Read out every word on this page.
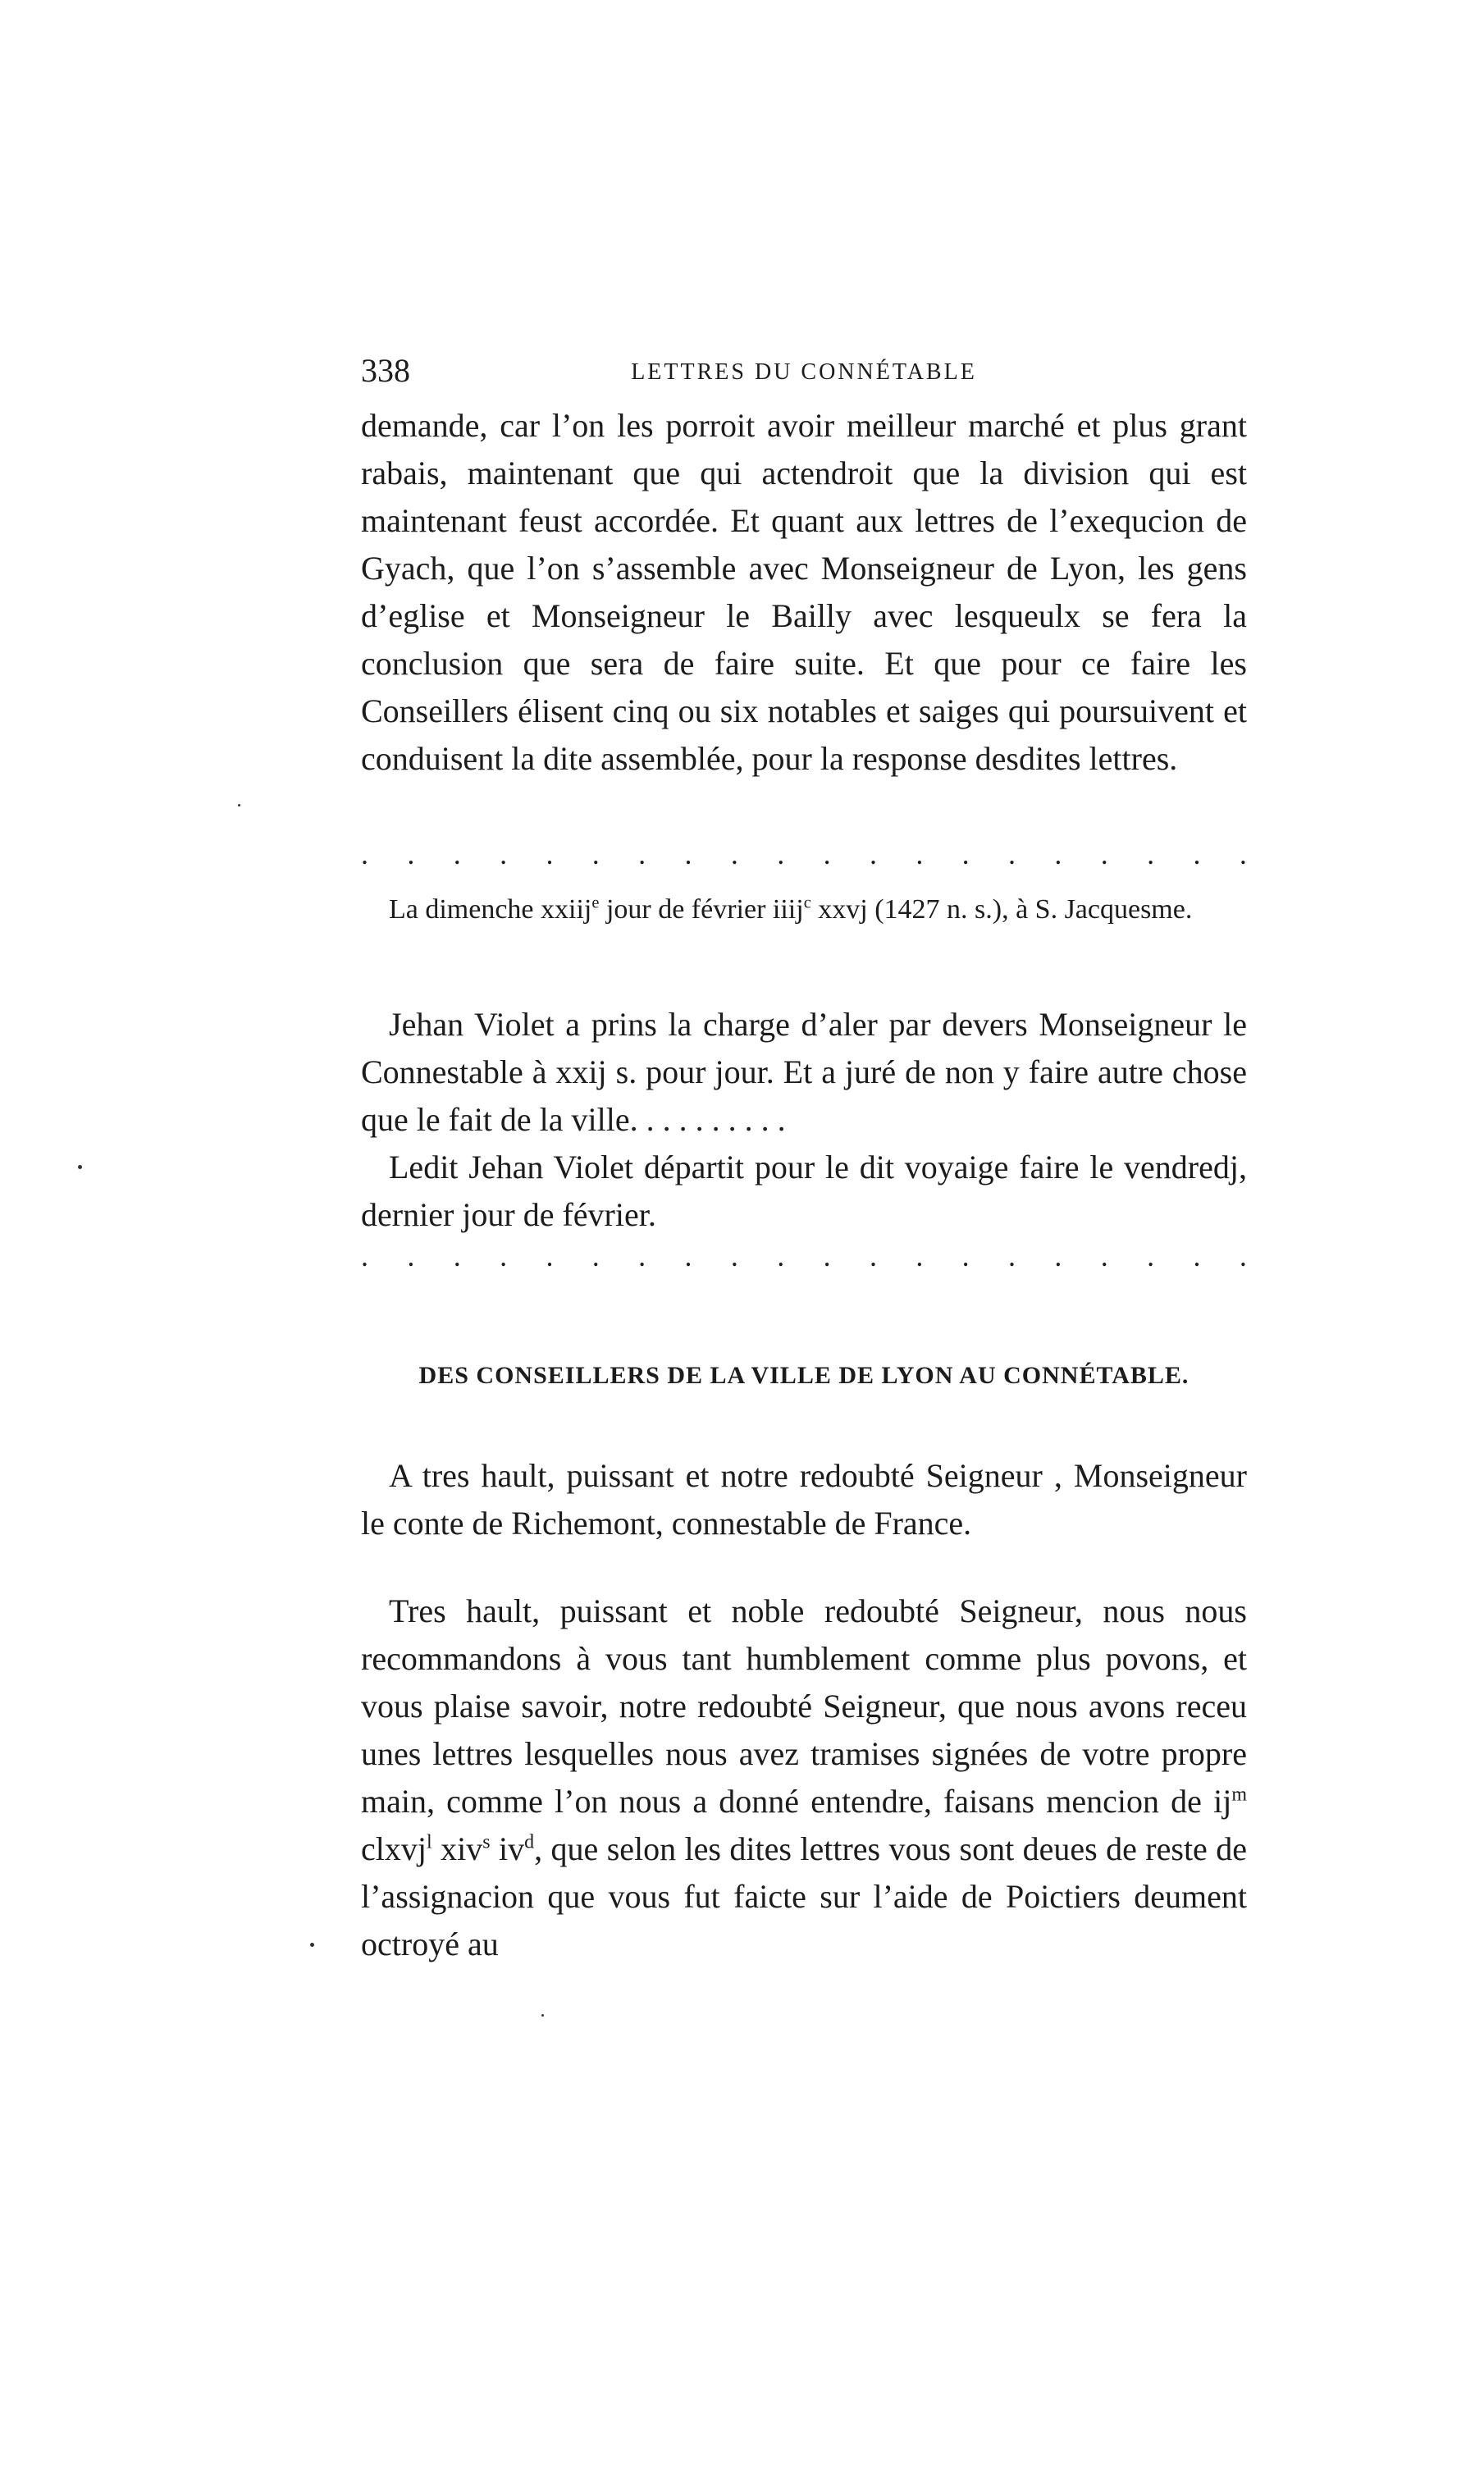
338	LETTRES DU CONNÉTABLE

demande, car l’on les porroit avoir meilleur marché et plus grant rabais, maintenant que qui actendroit que la division qui est maintenant feust accordée. Et quant aux lettres de l’exequcion de Gyach, que l’on s’assemble avec Monseigneur de Lyon, les gens d’eglise et Monseigneur le Bailly avec lesqueulx se fera la conclusion que sera de faire suite. Et que pour ce faire les Conseillers élisent cinq ou six notables et saiges qui poursuivent et conduisent la dite assemblée, pour la response desdites lettres.

. . . . . . . . . . . . . . . . . . . .

La dimenche xxiij$^e$ jour de février iiij$^c$ xxvj (1427 n. s.), à S. Jacquesme.

Jehan Violet a prins la charge d’aler par devers Monseigneur le Connestable à xxij s. pour jour. Et a juré de non y faire autre chose que le fait de la ville. . . . . . . . . .

Ledit Jehan Violet départit pour le dit voyaige faire le vendredj, dernier jour de février.

. . . . . . . . . . . . . . . . . . . .
DES CONSEILLERS DE LA VILLE DE LYON AU CONNÉTABLE.

A tres hault, puissant et notre redoubté Seigneur , Monseigneur le conte de Richemont, connestable de France.

Tres hault, puissant et noble redoubté Seigneur, nous nous recommandons à vous tant humblement comme plus povons, et vous plaise savoir, notre redoubté Seigneur, que nous avons receu unes lettres lesquelles nous avez tramises signées de votre propre main, comme l’on nous a donné entendre, faisans mencion de $ij^m$ clxvj$^l$ xiv$^s$ $iv^d$, que selon les dites lettres vous sont deues de reste de l’assignacion que vous fut faicte sur l’aide de Poictiers deument octroyé au
